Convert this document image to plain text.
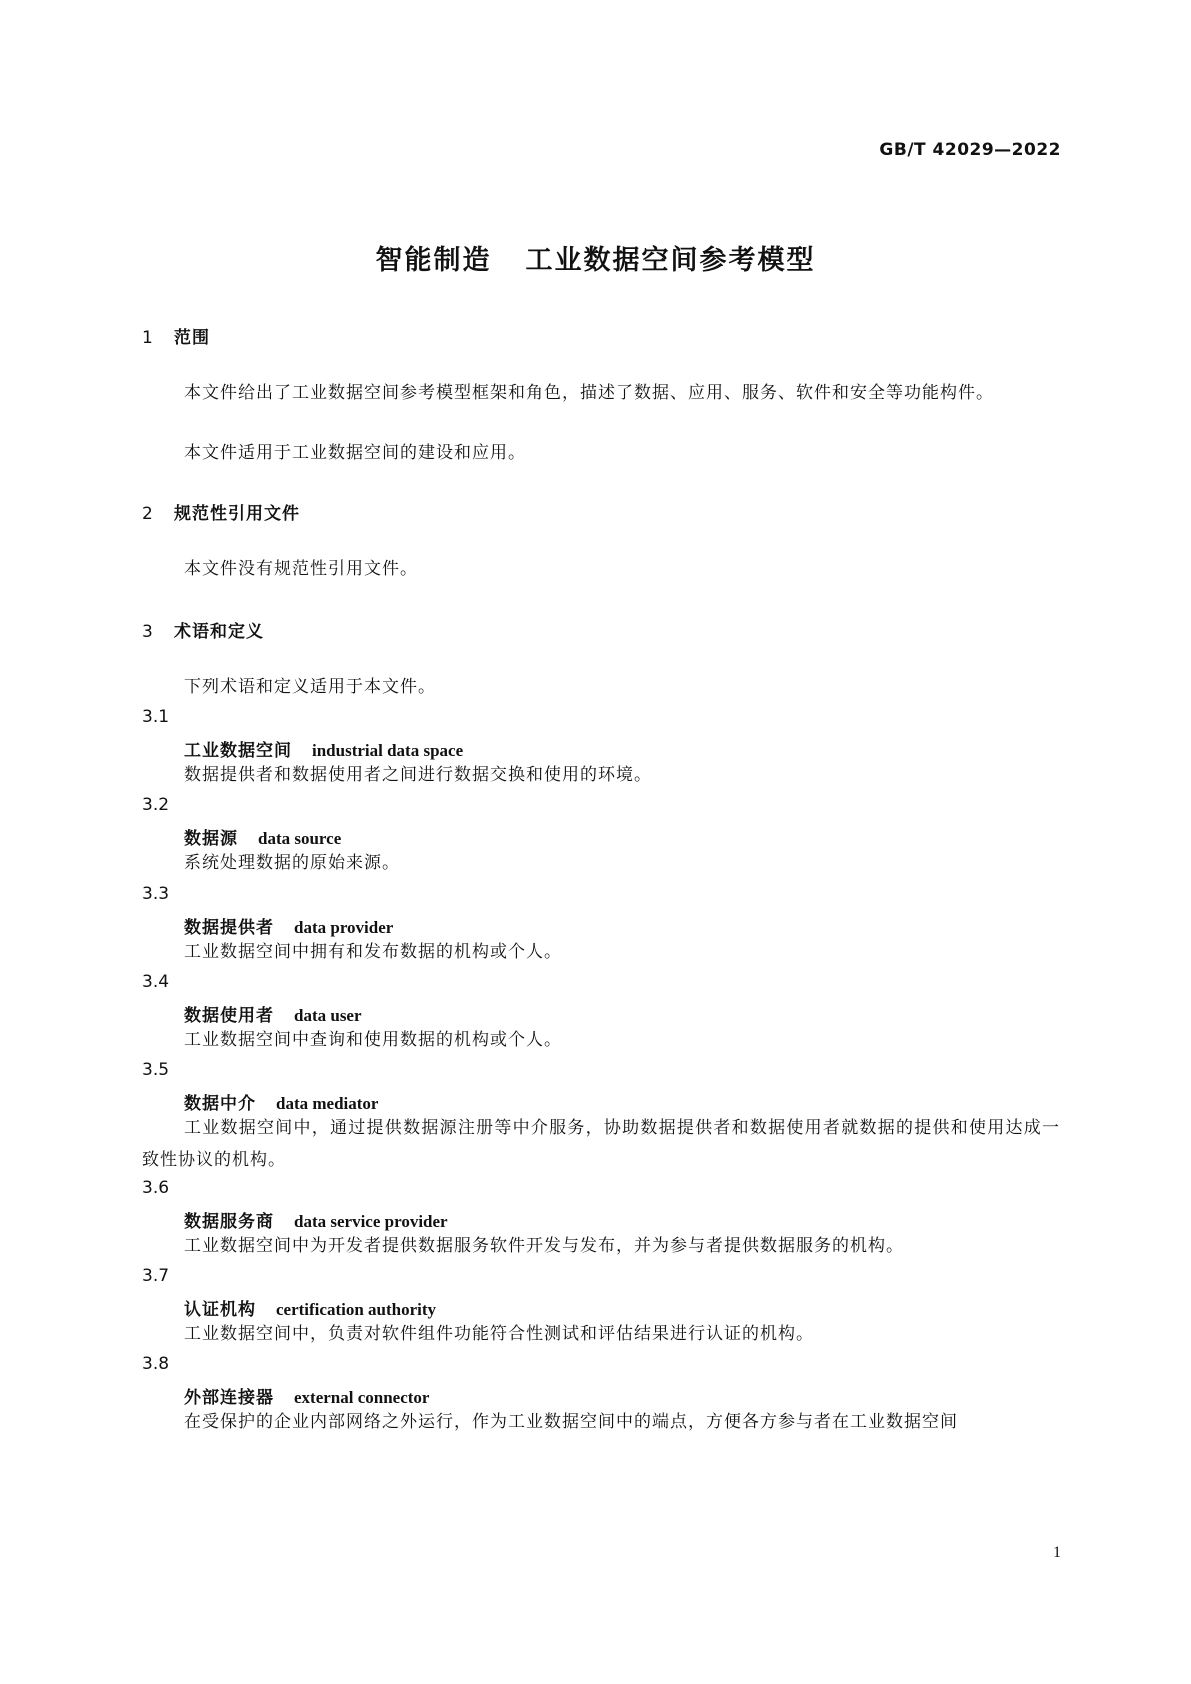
GB/T 42029—2022
智能制造 工业数据空间参考模型
1 范围
本文件给出了工业数据空间参考模型框架和角色，描述了数据、应用、服务、软件和安全等功能构件。
本文件适用于工业数据空间的建设和应用。
2 规范性引用文件
本文件没有规范性引用文件。
3 术语和定义
下列术语和定义适用于本文件。
3.1
工业数据空间 industrial data space
数据提供者和数据使用者之间进行数据交换和使用的环境。
3.2
数据源 data source
系统处理数据的原始来源。
3.3
数据提供者 data provider
工业数据空间中拥有和发布数据的机构或个人。
3.4
数据使用者 data user
工业数据空间中查询和使用数据的机构或个人。
3.5
数据中介 data mediator
工业数据空间中，通过提供数据源注册等中介服务，协助数据提供者和数据使用者就数据的提供和使用达成一致性协议的机构。
3.6
数据服务商 data service provider
工业数据空间中为开发者提供数据服务软件开发与发布，并为参与者提供数据服务的机构。
3.7
认证机构 certification authority
工业数据空间中，负责对软件组件功能符合性测试和评估结果进行认证的机构。
3.8
外部连接器 external connector
在受保护的企业内部网络之外运行，作为工业数据空间中的端点，方便各方参与者在工业数据空间
1
